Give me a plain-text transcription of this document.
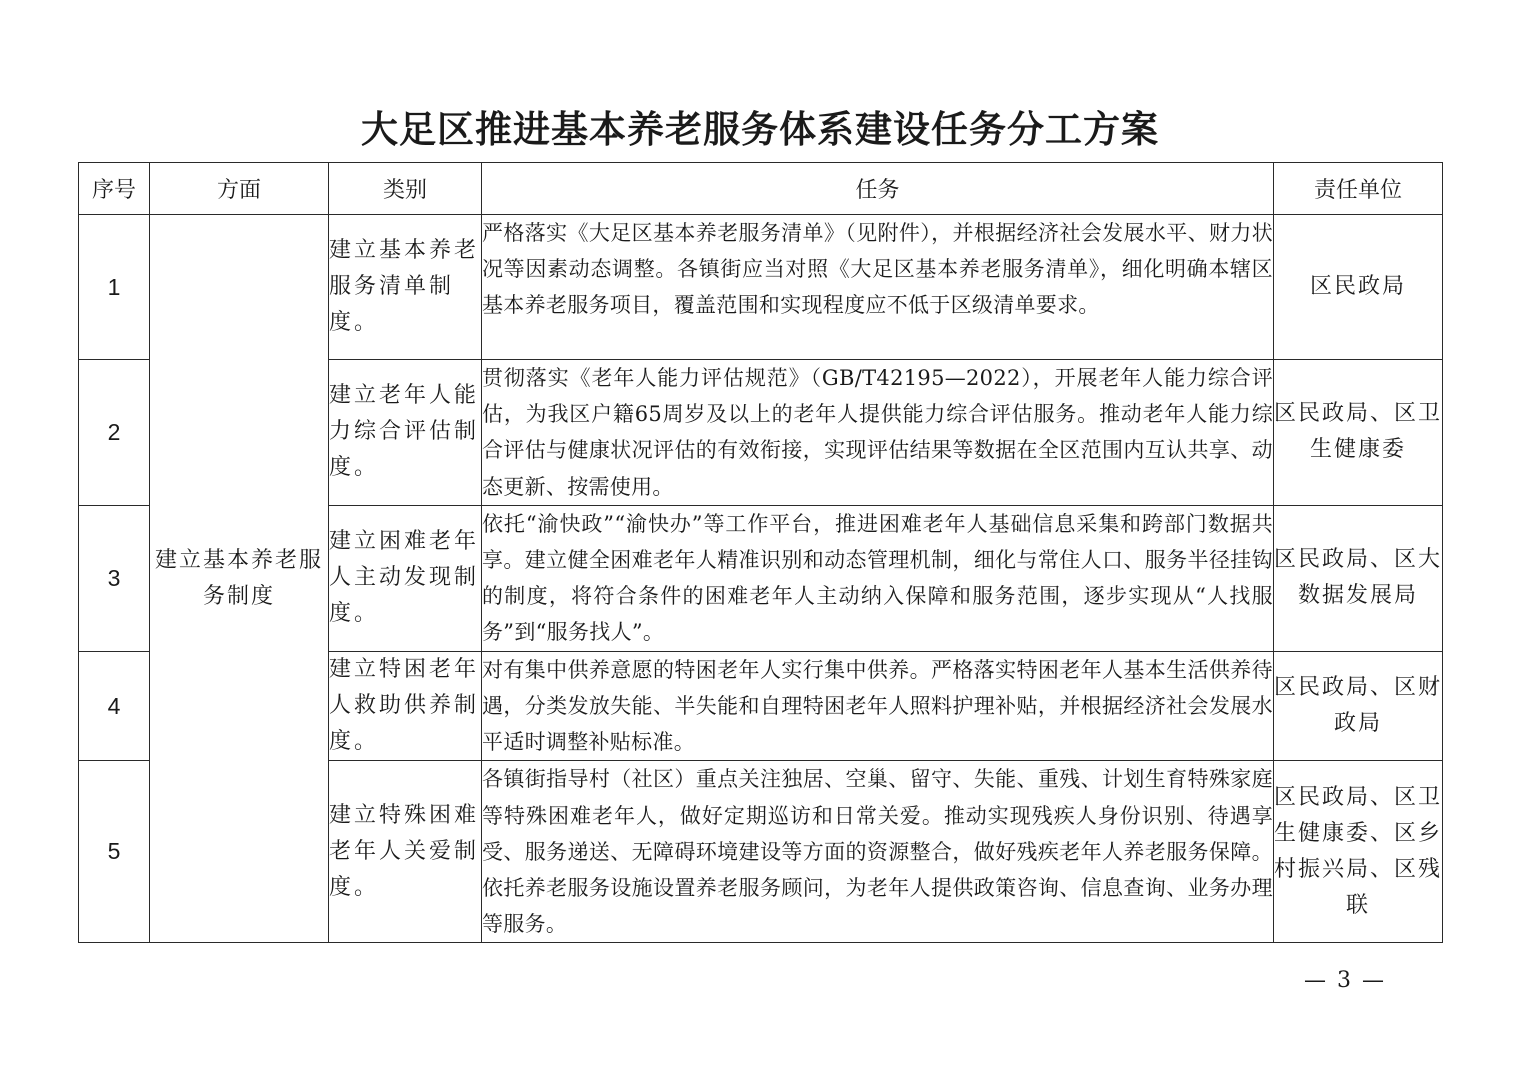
大足区推进基本养老服务体系建设任务分工方案
序号	方面	类别	任务	责任单位
1	建立基本养老服务制度	建立基本养老服务清单制度。	严格落实《大足区基本养老服务清单》（见附件），并根据经济社会发展水平、财力状况等因素动态调整。各镇街应当对照《大足区基本养老服务清单》，细化明确本辖区基本养老服务项目，覆盖范围和实现程度应不低于区级清单要求。	区民政局
2		建立老年人能力综合评估制度。	贯彻落实《老年人能力评估规范》（GB/T42195—2022），开展老年人能力综合评估，为我区户籍65周岁及以上的老年人提供能力综合评估服务。推动老年人能力综合评估与健康状况评估的有效衔接，实现评估结果等数据在全区范围内互认共享、动态更新、按需使用。	区民政局、区卫生健康委
3		建立困难老年人主动发现制度。	依托“渝快政”“渝快办”等工作平台，推进困难老年人基础信息采集和跨部门数据共享。建立健全困难老年人精准识别和动态管理机制，细化与常住人口、服务半径挂钩的制度，将符合条件的困难老年人主动纳入保障和服务范围，逐步实现从“人找服务”到“服务找人”。	区民政局、区大数据发展局
4		建立特困老年人救助供养制度。	对有集中供养意愿的特困老年人实行集中供养。严格落实特困老年人基本生活供养待遇，分类发放失能、半失能和自理特困老年人照料护理补贴，并根据经济社会发展水平适时调整补贴标准。	区民政局、区财政局
5		建立特殊困难老年人关爱制度。	各镇街指导村（社区）重点关注独居、空巢、留守、失能、重残、计划生育特殊家庭等特殊困难老年人，做好定期巡访和日常关爱。推动实现残疾人身份识别、待遇享受、服务递送、无障碍环境建设等方面的资源整合，做好残疾老年人养老服务保障。依托养老服务设施设置养老服务顾问，为老年人提供政策咨询、信息查询、业务办理等服务。	区民政局、区卫生健康委、区乡村振兴局、区残联
— 3 —
